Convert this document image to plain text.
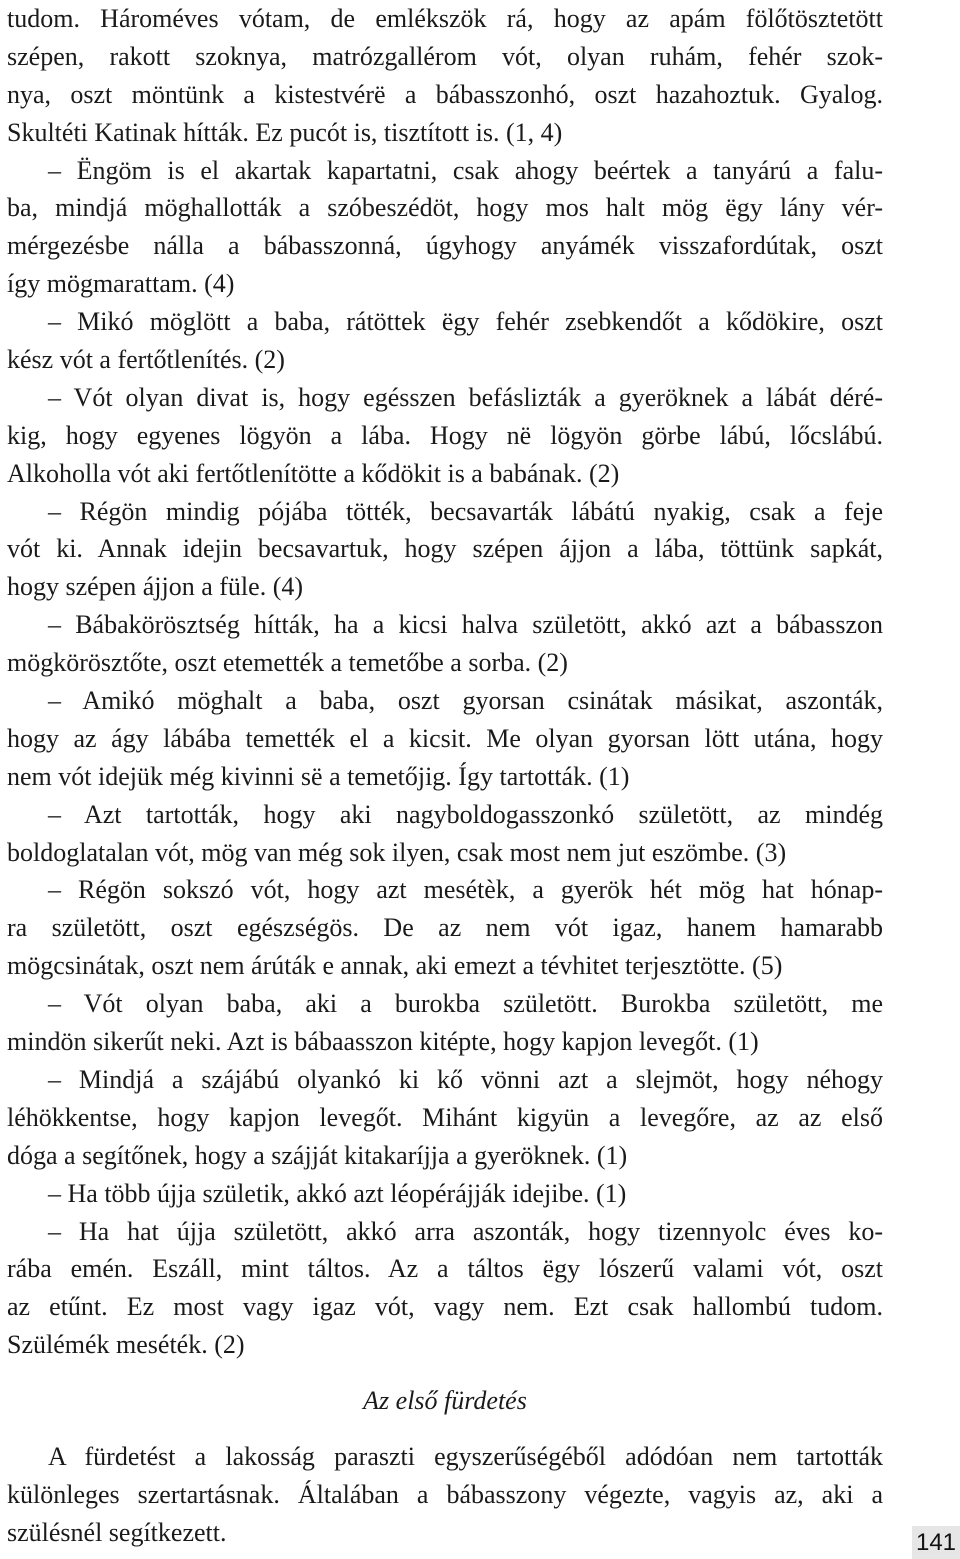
tudom. Hároméves vótam, de emlékszök rá, hogy az apám fölőtösztetött
szépen, rakott szoknya, matrózgallérom vót, olyan ruhám, fehér szok-
nya, oszt möntünk a kistestvérë a bábasszonhó, oszt hazahoztuk. Gyalog.
Skultéti Katinak hítták. Ez pucót is, tisztított is. (1, 4)
– Ëngöm is el akartak kapartatni, csak ahogy beértek a tanyárú a falu-
ba, mindjá möghallották a szóbeszédöt, hogy mos halt mög ëgy lány vér-
mérgezésbe nálla a bábasszonná, úgyhogy anyámék visszafordútak, oszt
így mögmarattam. (4)
– Mikó möglött a baba, rátöttek ëgy fehér zsebkendőt a kődökire, oszt
kész vót a fertőtlenítés. (2)
– Vót olyan divat is, hogy egésszen befáslizták a gyeröknek a lábát déré-
kig, hogy egyenes lögyön a lába. Hogy në lögyön görbe lábú, lőcslábú.
Alkoholla vót aki fertőtlenítötte a kődökit is a babának. (2)
– Régön mindig pójába tötték, becsavarták lábátú nyakig, csak a feje
vót ki. Annak idejin becsavartuk, hogy szépen ájjon a lába, töttünk sapkát,
hogy szépen ájjon a füle. (4)
– Bábakörösztség hítták, ha a kicsi halva születött, akkó azt a bábasszon
mögkörösztőte, oszt etemették a temetőbe a sorba. (2)
– Amikó möghalt a baba, oszt gyorsan csinátak másikat, aszonták,
hogy az ágy lábába temették el a kicsit. Me olyan gyorsan lött utána, hogy
nem vót idejük még kivinni së a temetőjig. Így tartották. (1)
– Azt tartották, hogy aki nagyboldogasszonkó születött, az mindég
boldoglatalan vót, mög van még sok ilyen, csak most nem jut eszömbe. (3)
– Régön sokszó vót, hogy azt mesétèk, a gyerök hét mög hat hónap-
ra születött, oszt egészségös. De az nem vót igaz, hanem hamarabb
mögcsinátak, oszt nem árúták e annak, aki emezt a tévhitet terjesztötte. (5)
– Vót olyan baba, aki a burokba születött. Burokba születött, me
mindön sikerűt neki. Azt is bábaasszon kitépte, hogy kapjon levegőt. (1)
– Mindjá a szájábú olyankó ki kő vönni azt a slejmöt, hogy néhogy
léhökkentse, hogy kapjon levegőt. Mihánt kigyün a levegőre, az az első
dóga a segítőnek, hogy a szájját kitakaríjja a gyeröknek. (1)
– Ha több újja születik, akkó azt léopérájják idejibe. (1)
– Ha hat újja születött, akkó arra aszonták, hogy tizennyolc éves ko-
rába emén. Eszáll, mint táltos. Az a táltos ëgy lószerű valami vót, oszt
az etűnt. Ez most vagy igaz vót, vagy nem. Ezt csak hallombú tudom.
Szülémék meséték. (2)
Az első fürdetés
A fürdetést a lakosság paraszti egyszerűségéből adódóan nem tartották
különleges szertartásnak. Általában a bábasszony végezte, vagyis az, aki a
szülésnél segítkezett.	141
